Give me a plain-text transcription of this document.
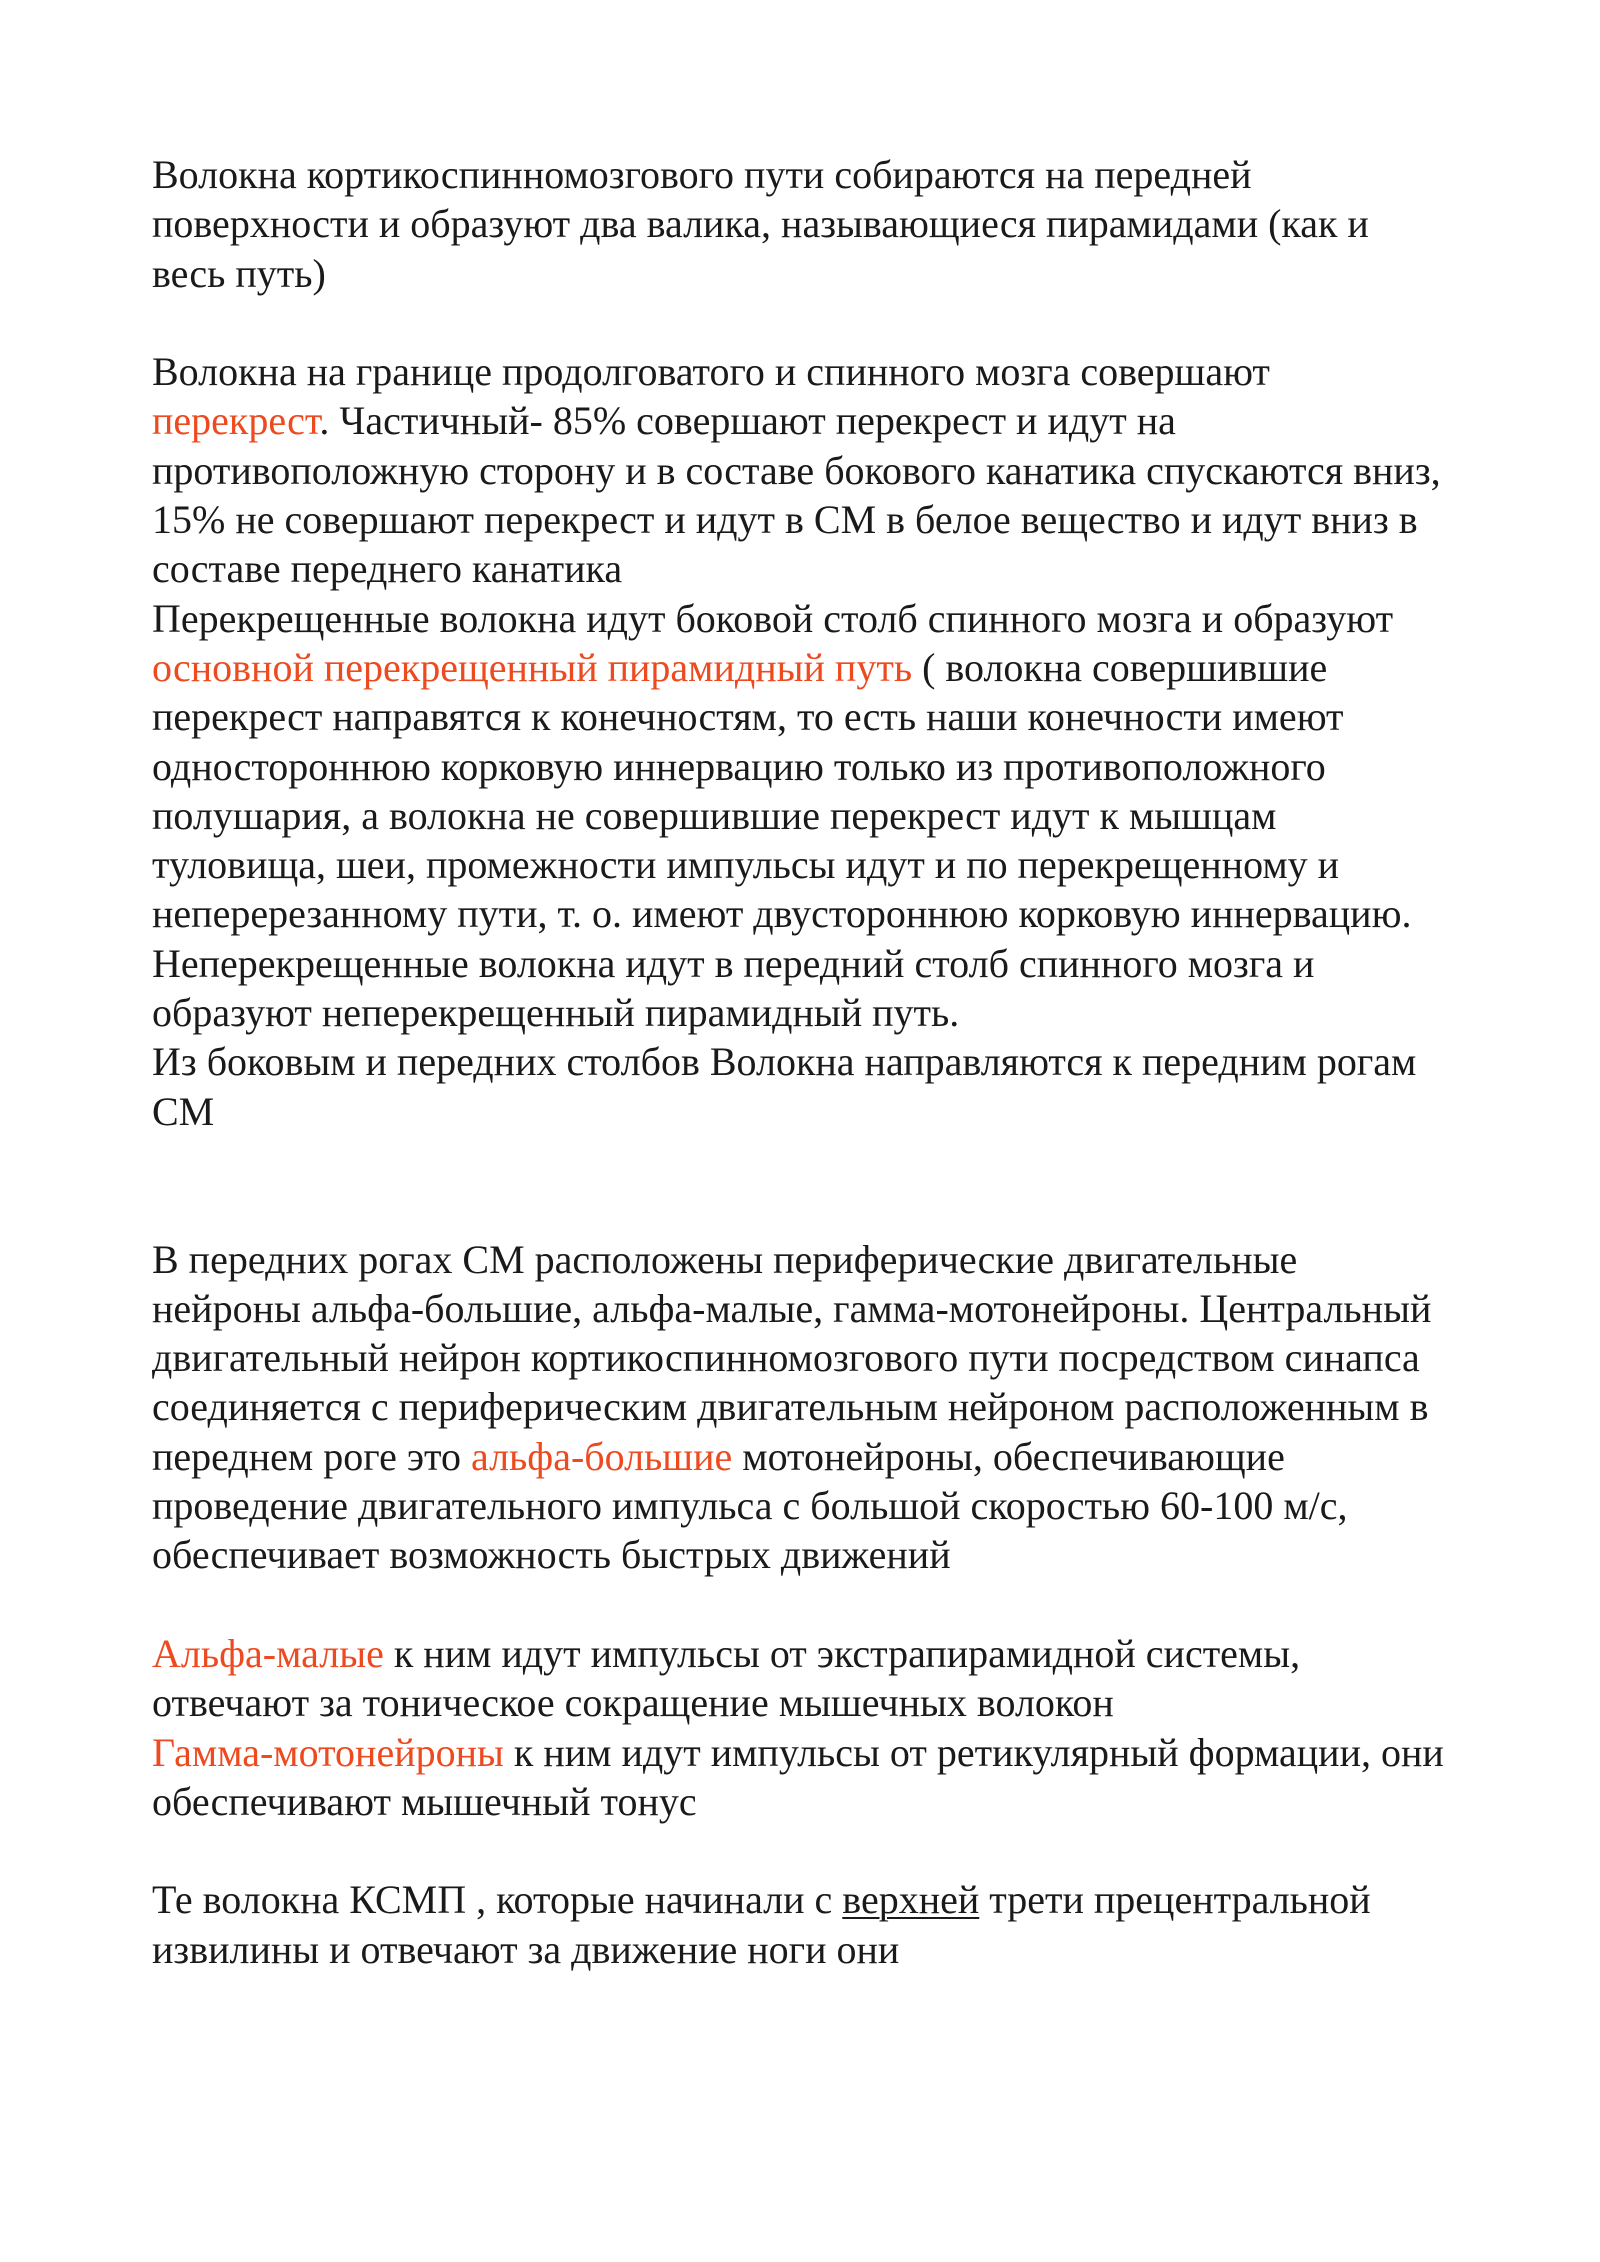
Волокна кортикоспинномозгового пути собираются на передней поверхности и образуют два валика, называющиеся пирамидами (как и весь путь)

Волокна на границе продолговатого и спинного мозга совершают перекрест. Частичный- 85% совершают перекрест и идут на противоположную сторону и в составе бокового канатика спускаются вниз, 15% не совершают перекрест и идут в СМ в белое вещество и идут вниз в составе переднего канатика

Перекрещенные волокна идут боковой столб спинного мозга и образуют основной перекрещенный пирамидный путь ( волокна совершившие перекрест направятся к конечностям, то есть наши конечности имеют одностороннюю корковую иннервацию только из противоположного полушария, а волокна не совершившие перекрест идут к мышцам туловища, шеи, промежности импульсы идут и по перекрещенному и неперерезанному пути, т. о. имеют двустороннюю корковую иннервацию.

Неперекрещенные волокна идут в передний столб спинного мозга и образуют неперекрещенный пирамидный путь.

Из боковым и передних столбов Волокна направляются к передним рогам СМ

В передних рогах СМ расположены периферические двигательные нейроны альфа-большие, альфа-малые, гамма-мотонейроны. Центральный двигательный нейрон кортикоспинномозгового пути посредством синапса соединяется с периферическим двигательным нейроном расположенным в переднем роге это альфа-большие мотонейроны, обеспечивающие проведение двигательного импульса с большой скоростью 60-100 м/с, обеспечивает возможность быстрых движений

Альфа-малые к ним идут импульсы от экстрапирамидной системы, отвечают за тоническое сокращение мышечных волокон

Гамма-мотонейроны к ним идут импульсы от ретикулярный формации, они обеспечивают мышечный тонус

Те волокна КСМП , которые начинали с верхней трети прецентральной извилины и отвечают за движение ноги они
